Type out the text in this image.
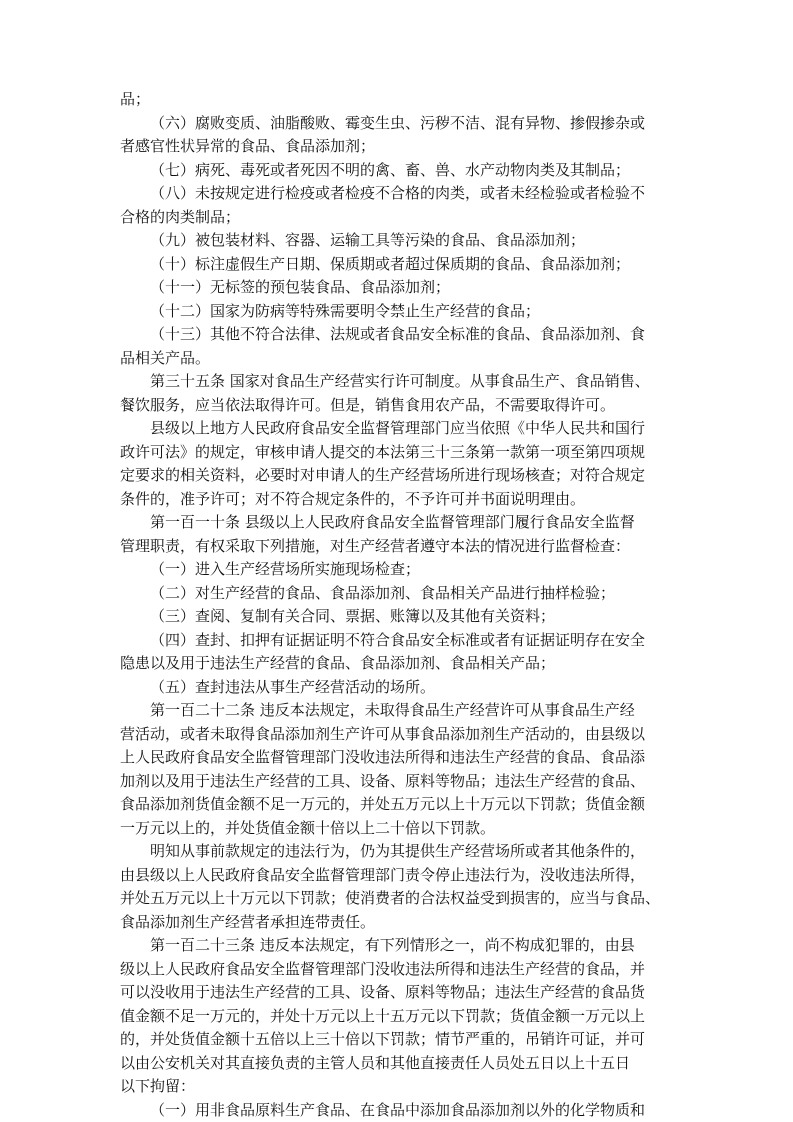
品；
（六）腐败变质、油脂酸败、霉变生虫、污秽不洁、混有异物、掺假掺杂或
者感官性状异常的食品、食品添加剂；
（七）病死、毒死或者死因不明的禽、畜、兽、水产动物肉类及其制品；
（八）未按规定进行检疫或者检疫不合格的肉类，或者未经检验或者检验不
合格的肉类制品；
（九）被包装材料、容器、运输工具等污染的食品、食品添加剂；
（十）标注虚假生产日期、保质期或者超过保质期的食品、食品添加剂；
（十一）无标签的预包装食品、食品添加剂；
（十二）国家为防病等特殊需要明令禁止生产经营的食品；
（十三）其他不符合法律、法规或者食品安全标准的食品、食品添加剂、食
品相关产品。
第三十五条 国家对食品生产经营实行许可制度。从事食品生产、食品销售、
餐饮服务，应当依法取得许可。但是，销售食用农产品，不需要取得许可。
县级以上地方人民政府食品安全监督管理部门应当依照《中华人民共和国行
政许可法》的规定，审核申请人提交的本法第三十三条第一款第一项至第四项规
定要求的相关资料，必要时对申请人的生产经营场所进行现场核查；对符合规定
条件的，准予许可；对不符合规定条件的，不予许可并书面说明理由。
第一百一十条 县级以上人民政府食品安全监督管理部门履行食品安全监督
管理职责，有权采取下列措施，对生产经营者遵守本法的情况进行监督检查：
（一）进入生产经营场所实施现场检查；
（二）对生产经营的食品、食品添加剂、食品相关产品进行抽样检验；
（三）查阅、复制有关合同、票据、账簿以及其他有关资料；
（四）查封、扣押有证据证明不符合食品安全标准或者有证据证明存在安全
隐患以及用于违法生产经营的食品、食品添加剂、食品相关产品；
（五）查封违法从事生产经营活动的场所。
第一百二十二条 违反本法规定，未取得食品生产经营许可从事食品生产经
营活动，或者未取得食品添加剂生产许可从事食品添加剂生产活动的，由县级以
上人民政府食品安全监督管理部门没收违法所得和违法生产经营的食品、食品添
加剂以及用于违法生产经营的工具、设备、原料等物品；违法生产经营的食品、
食品添加剂货值金额不足一万元的，并处五万元以上十万元以下罚款；货值金额
一万元以上的，并处货值金额十倍以上二十倍以下罚款。
明知从事前款规定的违法行为，仍为其提供生产经营场所或者其他条件的，
由县级以上人民政府食品安全监督管理部门责令停止违法行为，没收违法所得，
并处五万元以上十万元以下罚款；使消费者的合法权益受到损害的，应当与食品、
食品添加剂生产经营者承担连带责任。
第一百二十三条 违反本法规定，有下列情形之一，尚不构成犯罪的，由县
级以上人民政府食品安全监督管理部门没收违法所得和违法生产经营的食品，并
可以没收用于违法生产经营的工具、设备、原料等物品；违法生产经营的食品货
值金额不足一万元的，并处十万元以上十五万元以下罚款；货值金额一万元以上
的，并处货值金额十五倍以上三十倍以下罚款；情节严重的，吊销许可证，并可
以由公安机关对其直接负责的主管人员和其他直接责任人员处五日以上十五日
以下拘留：
（一）用非食品原料生产食品、在食品中添加食品添加剂以外的化学物质和
